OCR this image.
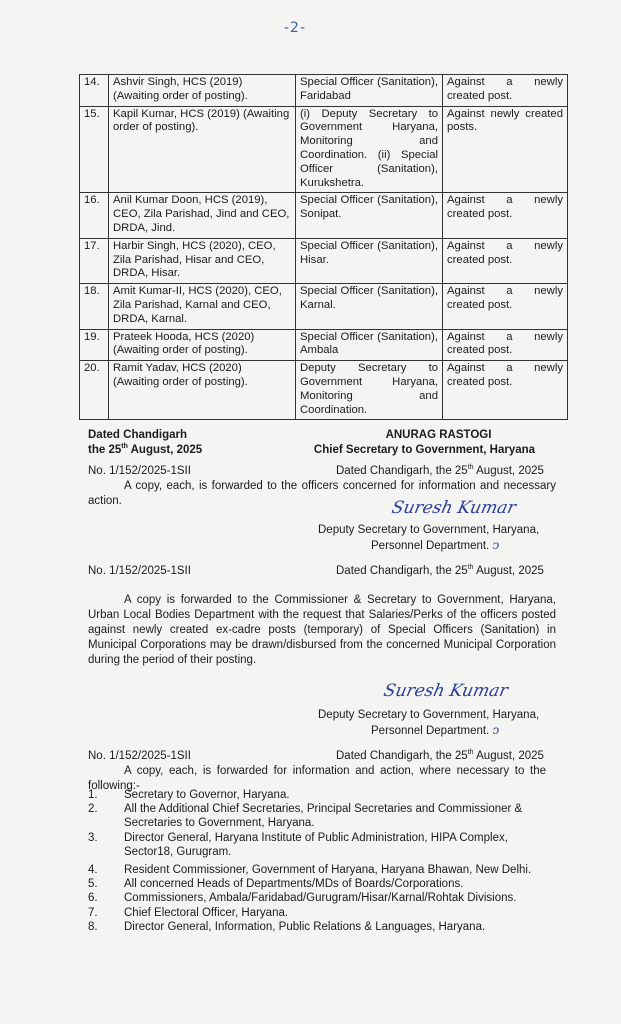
-2-
14.	Ashvir Singh, HCS (2019) (Awaiting order of posting).	Special Officer (Sanitation), Faridabad	Against a newly created post.
15.	Kapil Kumar, HCS (2019) (Awaiting order of posting).	(i) Deputy Secretary to Government Haryana, Monitoring and Coordination. (ii) Special Officer (Sanitation), Kurukshetra.	Against newly created posts.
16.	Anil Kumar Doon, HCS (2019), CEO, Zila Parishad, Jind and CEO, DRDA, Jind.	Special Officer (Sanitation), Sonipat.	Against a newly created post.
17.	Harbir Singh, HCS (2020), CEO, Zila Parishad, Hisar and CEO, DRDA, Hisar.	Special Officer (Sanitation), Hisar.	Against a newly created post.
18.	Amit Kumar-II, HCS (2020), CEO, Zila Parishad, Karnal and CEO, DRDA, Karnal.	Special Officer (Sanitation), Karnal.	Against a newly created post.
19.	Prateek Hooda, HCS (2020) (Awaiting order of posting).	Special Officer (Sanitation), Ambala	Against a newly created post.
20.	Ramit Yadav, HCS (2020) (Awaiting order of posting).	Deputy Secretary to Government Haryana, Monitoring and Coordination.	Against a newly created post.
Dated Chandigarh
the 25th August, 2025
ANURAG RASTOGI
Chief Secretary to Government, Haryana
No. 1/152/2025-1SII	Dated Chandigarh, the 25th August, 2025
A copy, each, is forwarded to the officers concerned for information and necessary action.	Suresh Kumar
Deputy Secretary to Government, Haryana,
Personnel Department. ↄ
No. 1/152/2025-1SII	Dated Chandigarh, the 25th August, 2025
A copy is forwarded to the Commissioner & Secretary to Government, Haryana, Urban Local Bodies Department with the request that Salaries/Perks of the officers posted against newly created ex-cadre posts (temporary) of Special Officers (Sanitation) in Municipal Corporations may be drawn/disbursed from the concerned Municipal Corporation during the period of their posting.
Suresh Kumar
Deputy Secretary to Government, Haryana,
Personnel Department. ↄ
No. 1/152/2025-1SII	Dated Chandigarh, the 25th August, 2025
A copy, each, is forwarded for information and action, where necessary to the following:-
1.	Secretary to Governor, Haryana.
2.	All the Additional Chief Secretaries, Principal Secretaries and Commissioner & Secretaries to Government, Haryana.
3.	Director General, Haryana Institute of Public Administration, HIPA Complex, Sector18, Gurugram.
4.	Resident Commissioner, Government of Haryana, Haryana Bhawan, New Delhi.
5.	All concerned Heads of Departments/MDs of Boards/Corporations.
6.	Commissioners, Ambala/Faridabad/Gurugram/Hisar/Karnal/Rohtak Divisions.
7.	Chief Electoral Officer, Haryana.
8.	Director General, Information, Public Relations & Languages, Haryana.
